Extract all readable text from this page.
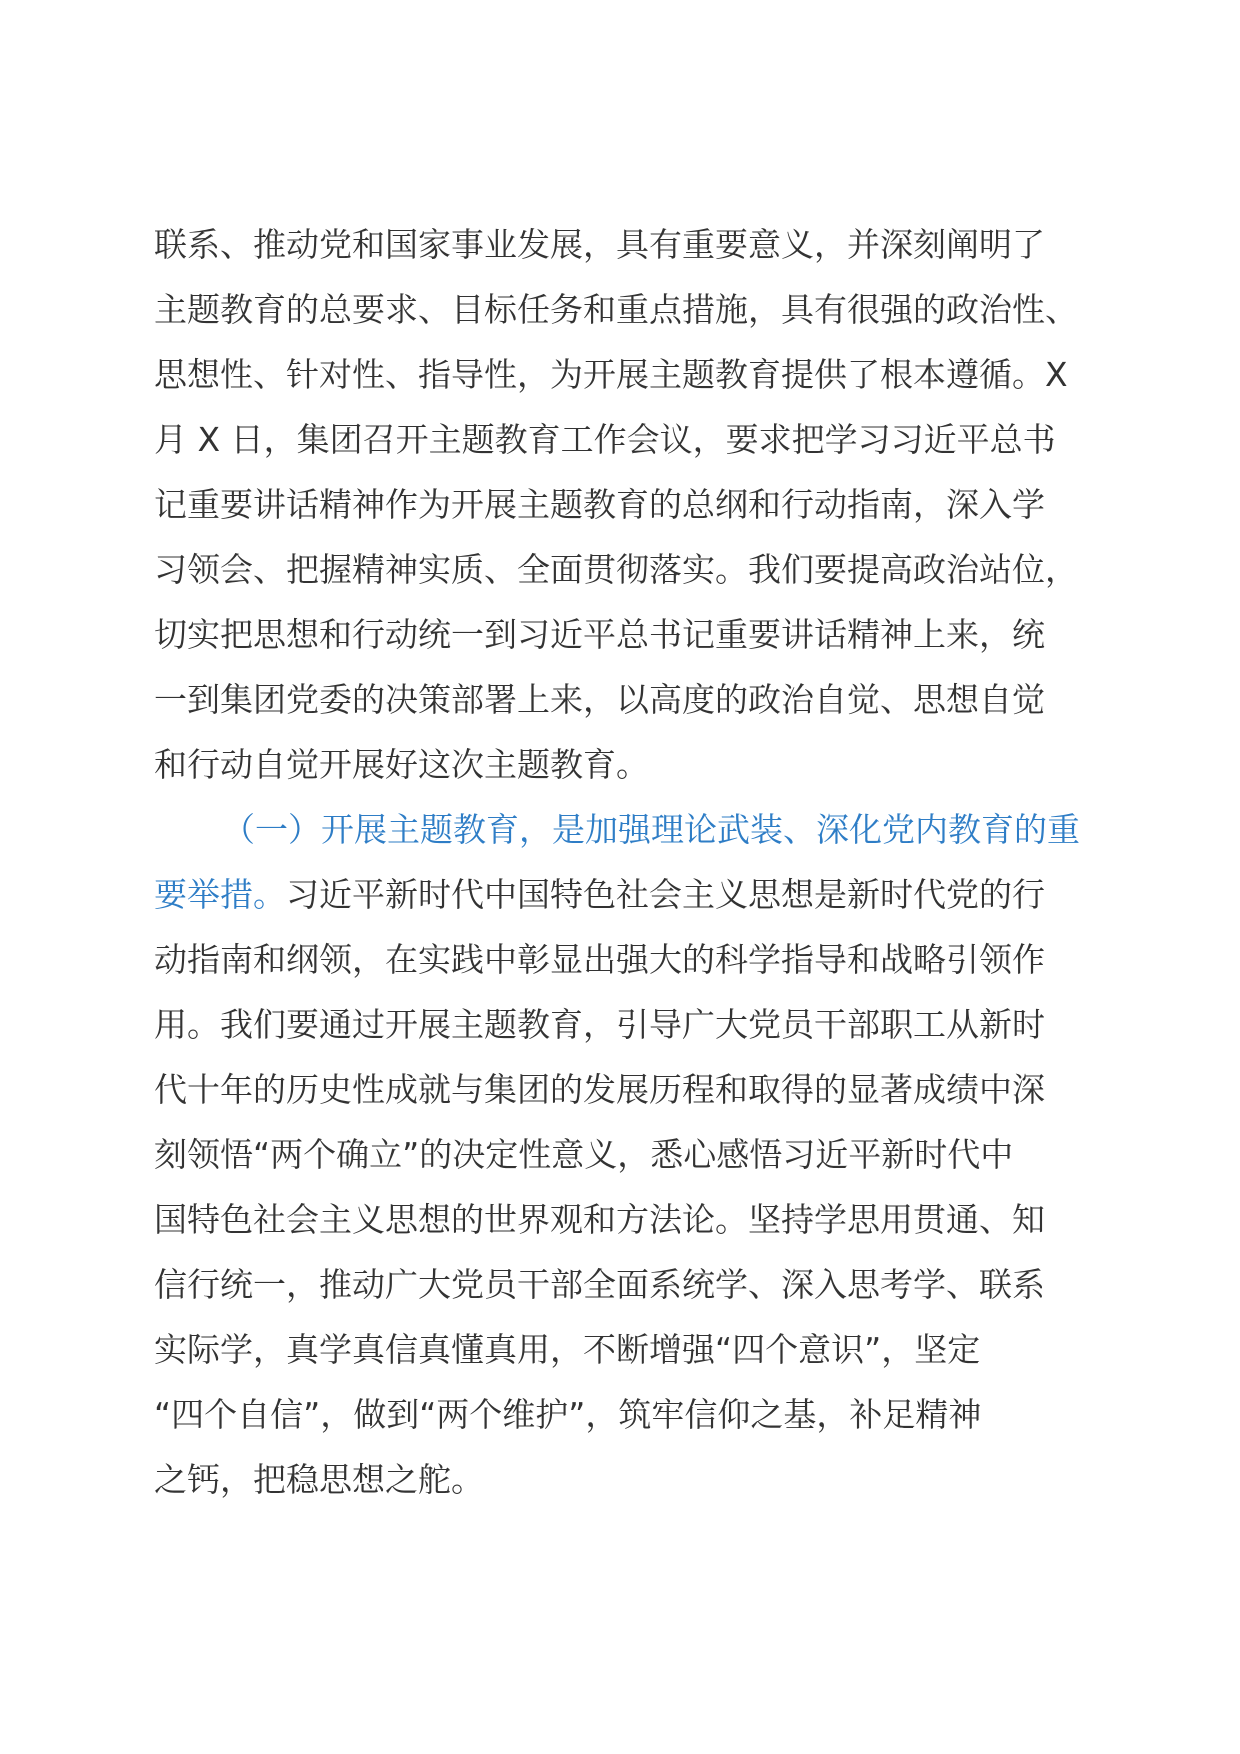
联系、推动党和国家事业发展，具有重要意义，并深刻阐明了
主题教育的总要求、目标任务和重点措施，具有很强的政治性、
思想性、针对性、指导性，为开展主题教育提供了根本遵循。X
月 X 日，集团召开主题教育工作会议，要求把学习习近平总书
记重要讲话精神作为开展主题教育的总纲和行动指南，深入学
习领会、把握精神实质、全面贯彻落实。我们要提高政治站位，
切实把思想和行动统一到习近平总书记重要讲话精神上来，统
一到集团党委的决策部署上来，以高度的政治自觉、思想自觉
和行动自觉开展好这次主题教育。
（一）开展主题教育，是加强理论武装、深化党内教育的重
要举措。习近平新时代中国特色社会主义思想是新时代党的行
动指南和纲领，在实践中彰显出强大的科学指导和战略引领作
用。我们要通过开展主题教育，引导广大党员干部职工从新时
代十年的历史性成就与集团的发展历程和取得的显著成绩中深
刻领悟“两个确立”的决定性意义，悉心感悟习近平新时代中
国特色社会主义思想的世界观和方法论。坚持学思用贯通、知
信行统一，推动广大党员干部全面系统学、深入思考学、联系
实际学，真学真信真懂真用，不断增强“四个意识”，坚定
“四个自信”，做到“两个维护”，筑牢信仰之基，补足精神
之钙，把稳思想之舵。
